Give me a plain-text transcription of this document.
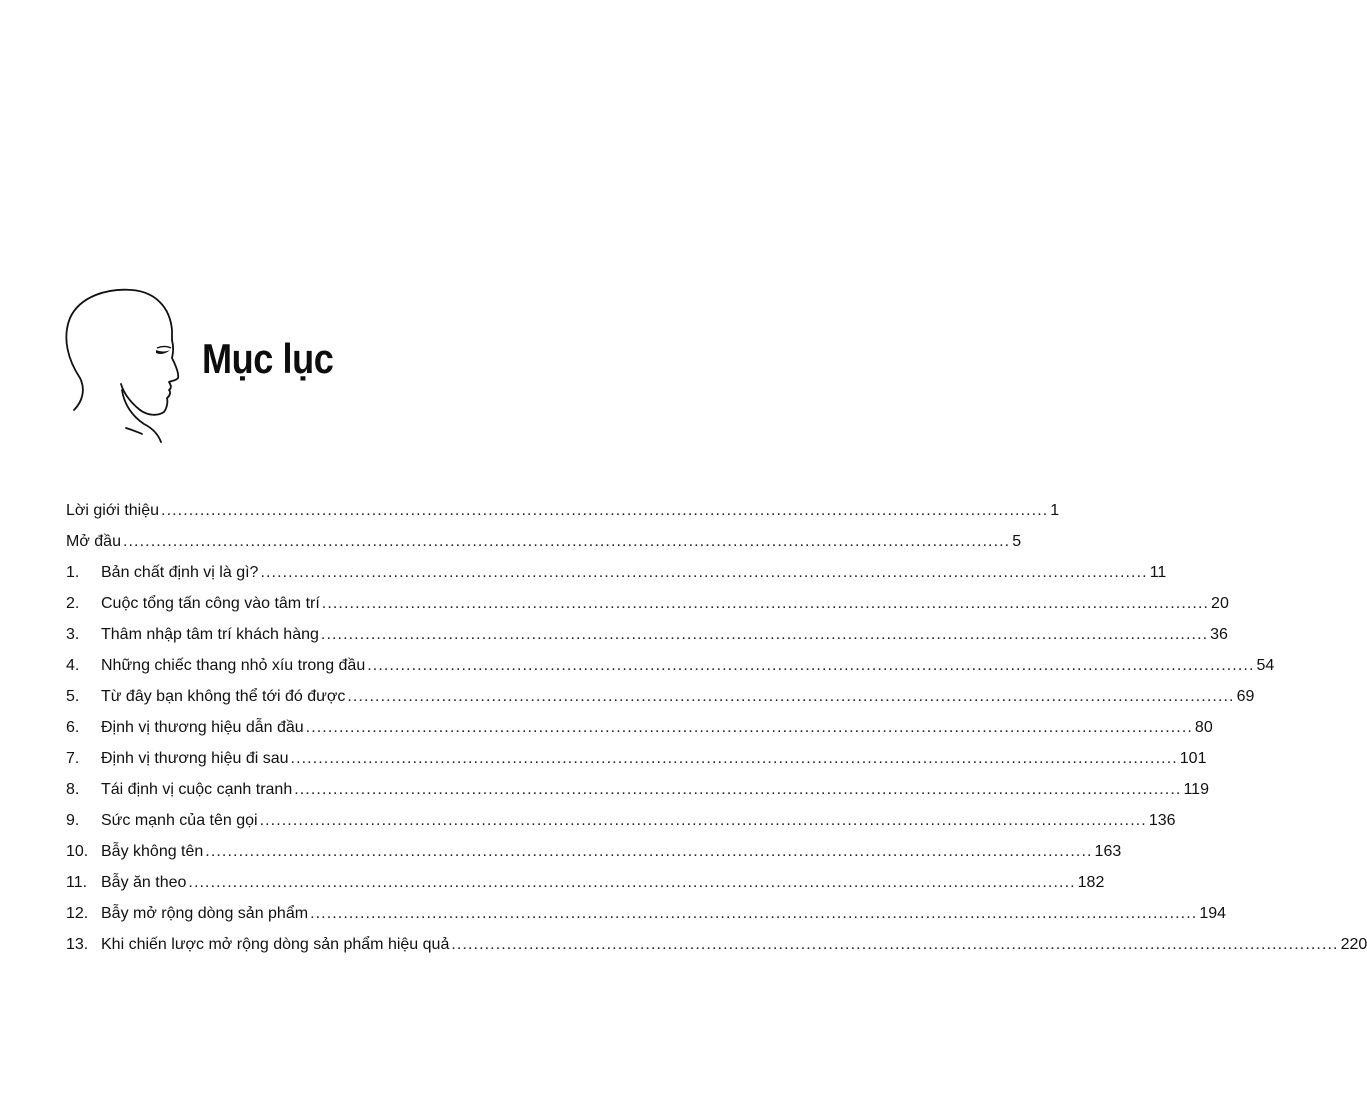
Mục lục
Lời giới thiệu ................................................................................................................................................................ 1
Mở đầu ................................................................................................................................................................ 5
1.	Bản chất định vị là gì? ................................................................................................................................................................ 11
2.	Cuộc tổng tấn công vào tâm trí ................................................................................................................................................................ 20
3.	Thâm nhập tâm trí khách hàng ................................................................................................................................................................ 36
4.	Những chiếc thang nhỏ xíu trong đầu ................................................................................................................................................................ 54
5.	Từ đây bạn không thể tới đó được ................................................................................................................................................................ 69
6.	Định vị thương hiệu dẫn đầu ................................................................................................................................................................ 80
7.	Định vị thương hiệu đi sau ................................................................................................................................................................ 101
8.	Tái định vị cuộc cạnh tranh ................................................................................................................................................................ 119
9.	Sức mạnh của tên gọi ................................................................................................................................................................ 136
10. Bẫy không tên ................................................................................................................................................................ 163
11. Bẫy ăn theo ................................................................................................................................................................ 182
12. Bẫy mở rộng dòng sản phẩm ................................................................................................................................................................ 194
13. Khi chiến lược mở rộng dòng sản phẩm hiệu quả ................................................................................................................................................................ 220
